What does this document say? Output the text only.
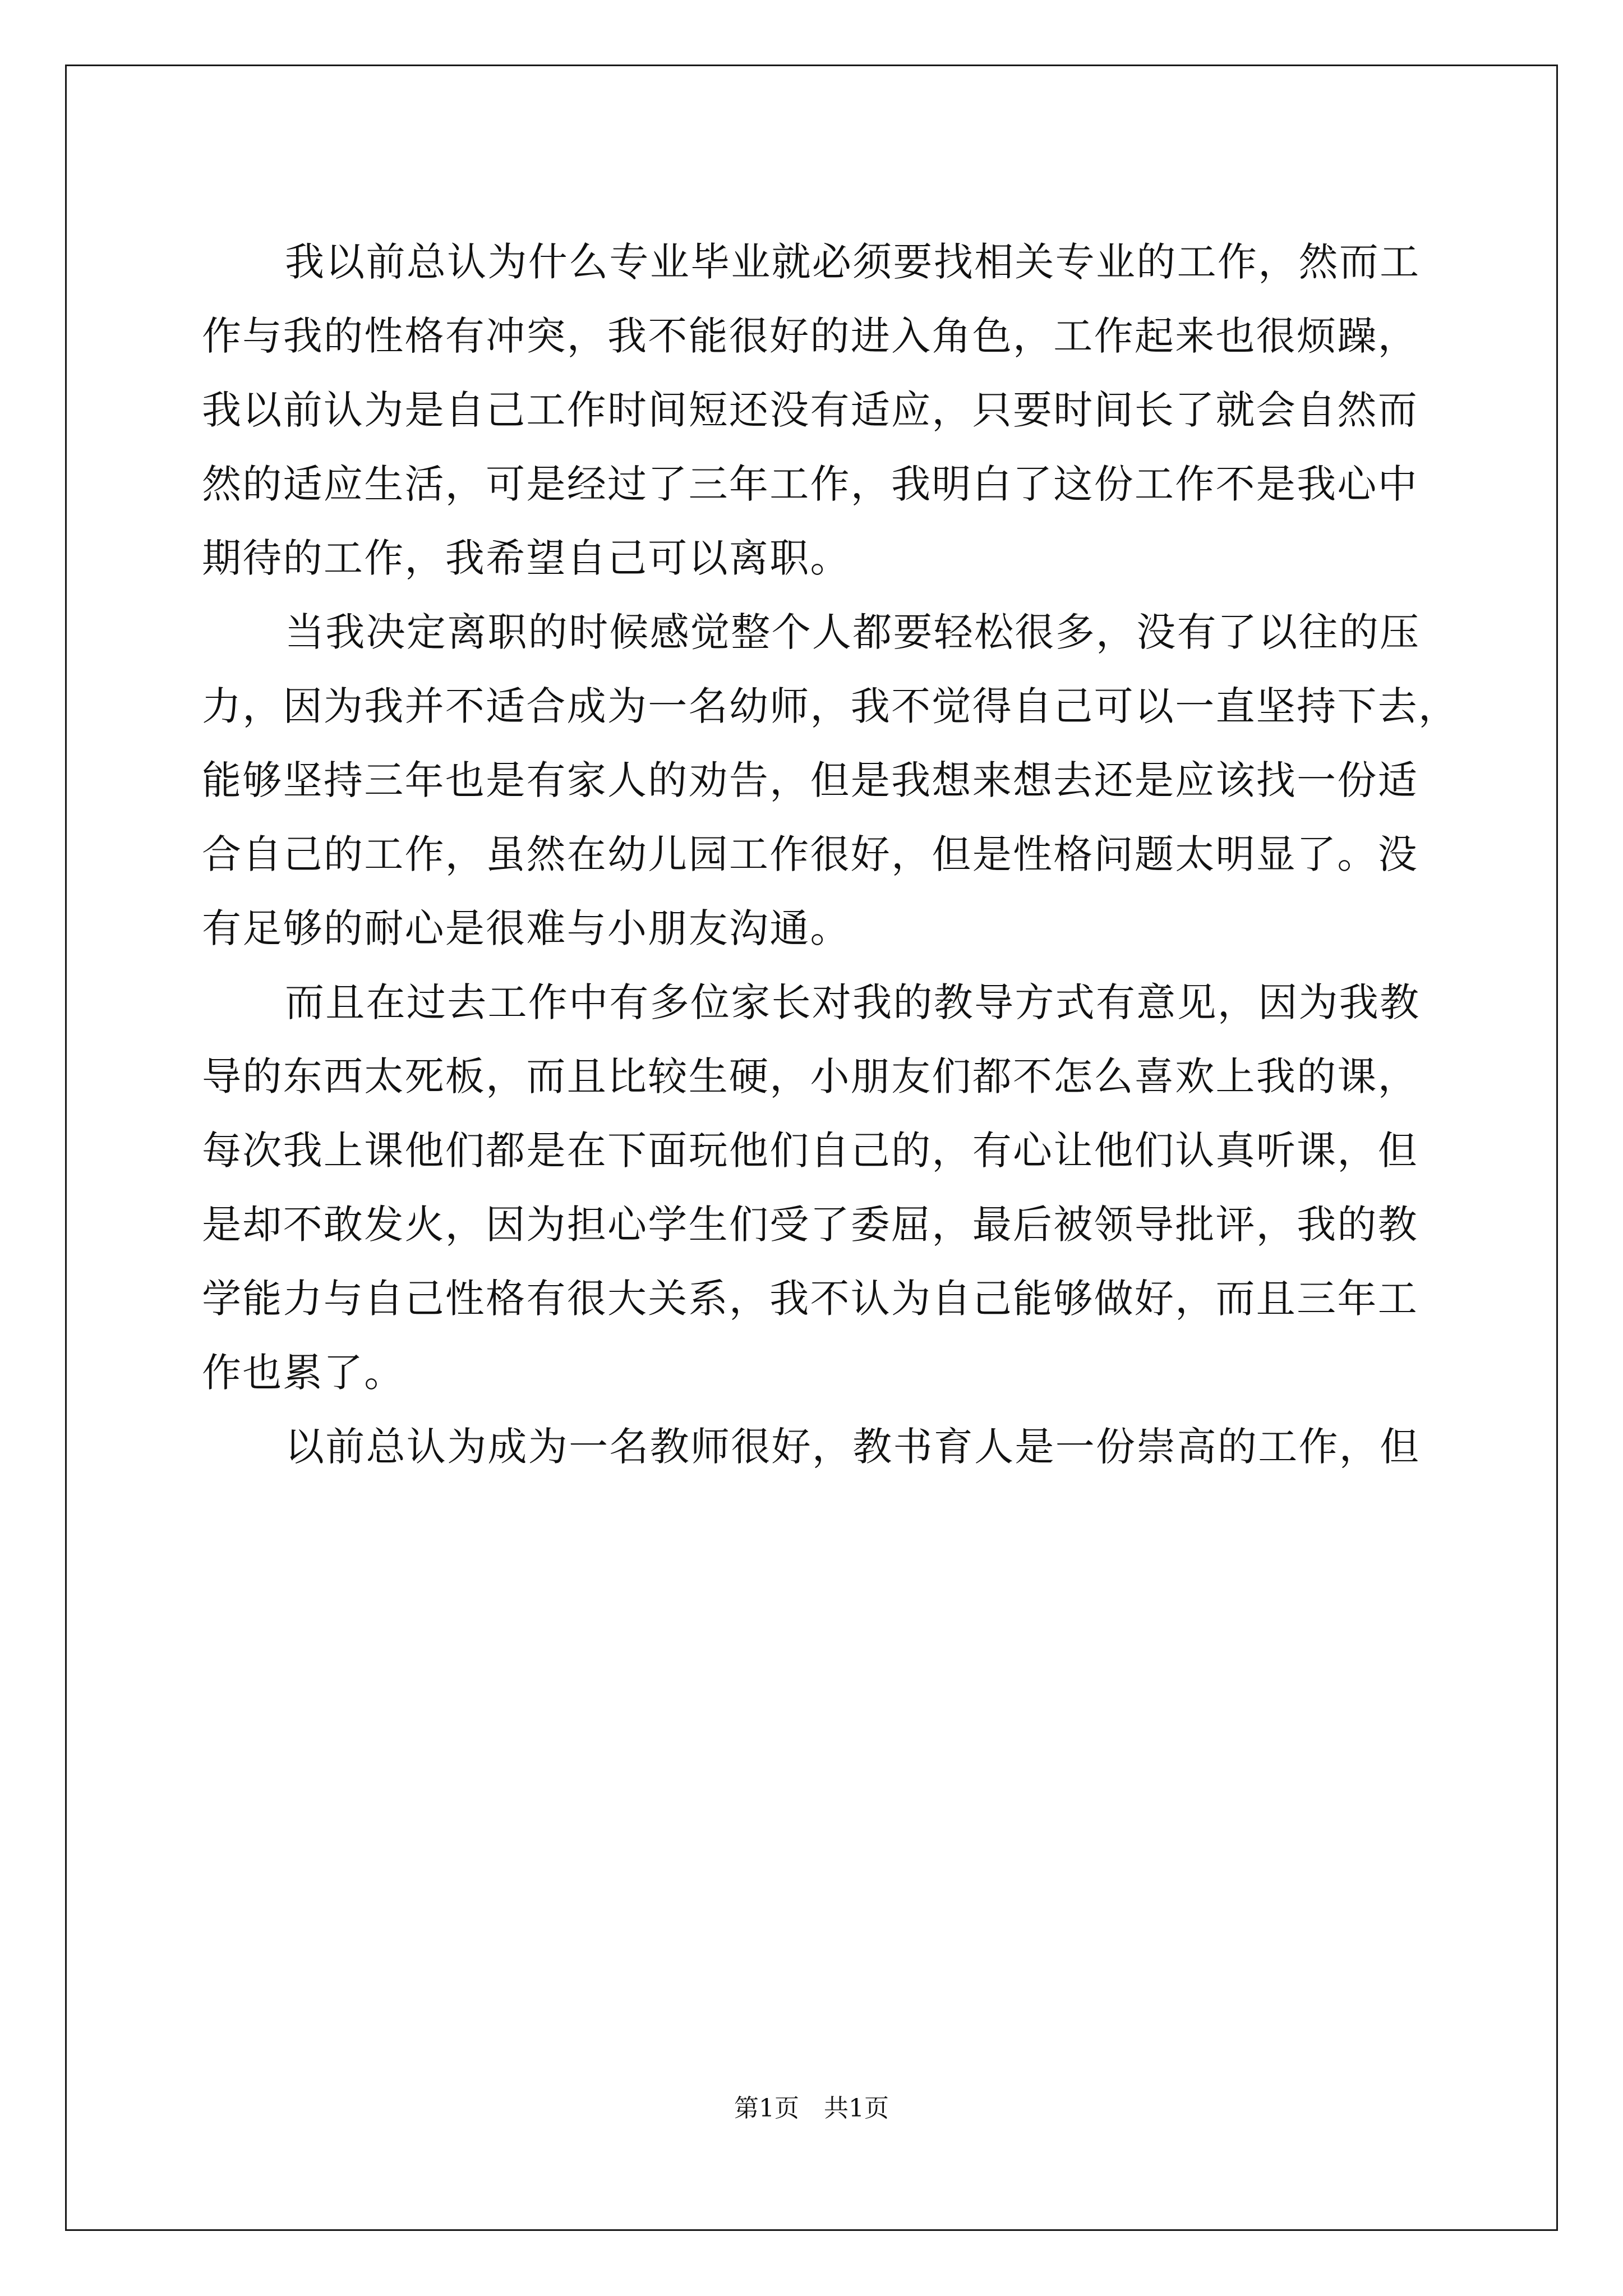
我以前总认为什么专业毕业就必须要找相关专业的工作，然而工
作与我的性格有冲突，我不能很好的进入角色，工作起来也很烦躁，
我以前认为是自己工作时间短还没有适应，只要时间长了就会自然而
然的适应生活，可是经过了三年工作，我明白了这份工作不是我心中
期待的工作，我希望自己可以离职。
当我决定离职的时候感觉整个人都要轻松很多，没有了以往的压
力，因为我并不适合成为一名幼师，我不觉得自己可以一直坚持下去，
能够坚持三年也是有家人的劝告，但是我想来想去还是应该找一份适
合自己的工作，虽然在幼儿园工作很好，但是性格问题太明显了。没
有足够的耐心是很难与小朋友沟通。
而且在过去工作中有多位家长对我的教导方式有意见，因为我教
导的东西太死板，而且比较生硬，小朋友们都不怎么喜欢上我的课，
每次我上课他们都是在下面玩他们自己的，有心让他们认真听课，但
是却不敢发火，因为担心学生们受了委屈，最后被领导批评，我的教
学能力与自己性格有很大关系，我不认为自己能够做好，而且三年工
作也累了。
以前总认为成为一名教师很好，教书育人是一份崇高的工作，但
第1页　共1页
